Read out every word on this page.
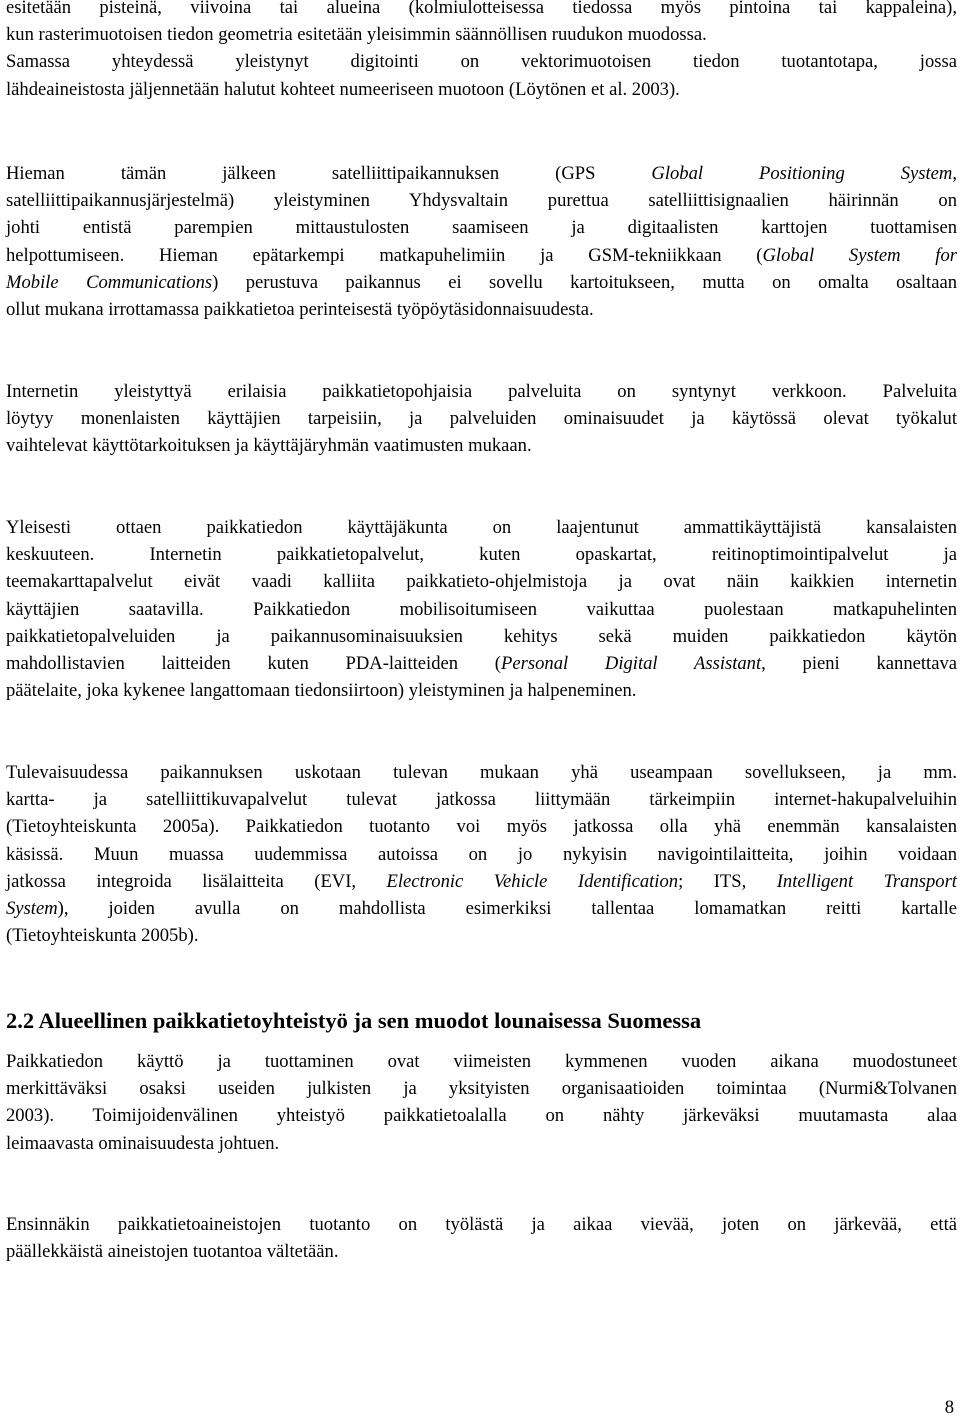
esitetään pisteinä, viivoina tai alueina (kolmiulotteisessa tiedossa myös pintoina tai kappaleina),
kun rasterimuotoisen tiedon geometria esitetään yleisimmin säännöllisen ruudukon muodossa.
Samassa yhteydessä yleistynyt digitointi on vektorimuotoisen tiedon tuotantotapa, jossa
lähdeaineistosta jäljennetään halutut kohteet numeeriseen muotoon (Löytönen et al. 2003).
Hieman tämän jälkeen satelliittipaikannuksen (GPS Global Positioning System,
satelliittipaikannusjärjestelmä) yleistyminen Yhdysvaltain purettua satelliittisignaalien häirinnän on
johti entistä parempien mittaustulosten saamiseen ja digitaalisten karttojen tuottamisen
helpottumiseen. Hieman epätarkempi matkapuhelimiin ja GSM-tekniikkaan (Global System for
Mobile Communications) perustuva paikannus ei sovellu kartoitukseen, mutta on omalta osaltaan
ollut mukana irrottamassa paikkatietoa perinteisestä työpöytäsidonnaisuudesta.
Internetin yleistyttyä erilaisia paikkatietopohjaisia palveluita on syntynyt verkkoon. Palveluita
löytyy monenlaisten käyttäjien tarpeisiin, ja palveluiden ominaisuudet ja käytössä olevat työkalut
vaihtelevat käyttötarkoituksen ja käyttäjäryhmän vaatimusten mukaan.
Yleisesti ottaen paikkatiedon käyttäjäkunta on laajentunut ammattikäyttäjistä kansalaisten
keskuuteen. Internetin paikkatietopalvelut, kuten opaskartat, reitinoptimointipalvelut ja
teemakarttapalvelut eivät vaadi kalliita paikkatieto-ohjelmistoja ja ovat näin kaikkien internetin
käyttäjien saatavilla. Paikkatiedon mobilisoitumiseen vaikuttaa puolestaan matkapuhelinten
paikkatietopalveluiden ja paikannusominaisuuksien kehitys sekä muiden paikkatiedon käytön
mahdollistavien laitteiden kuten PDA-laitteiden (Personal Digital Assistant, pieni kannettava
päätelaite, joka kykenee langattomaan tiedonsiirtoon) yleistyminen ja halpeneminen.
Tulevaisuudessa paikannuksen uskotaan tulevan mukaan yhä useampaan sovellukseen, ja mm.
kartta- ja satelliittikuvapalvelut tulevat jatkossa liittymään tärkeimpiin internet-hakupalveluihin
(Tietoyhteiskunta 2005a). Paikkatiedon tuotanto voi myös jatkossa olla yhä enemmän kansalaisten
käsissä. Muun muassa uudemmissa autoissa on jo nykyisin navigointilaitteita, joihin voidaan
jatkossa integroida lisälaitteita (EVI, Electronic Vehicle Identification; ITS, Intelligent Transport
System), joiden avulla on mahdollista esimerkiksi tallentaa lomamatkan reitti kartalle
(Tietoyhteiskunta 2005b).
2.2 Alueellinen paikkatietoyhteistyö ja sen muodot lounaisessa Suomessa
Paikkatiedon käyttö ja tuottaminen ovat viimeisten kymmenen vuoden aikana muodostuneet
merkittäväksi osaksi useiden julkisten ja yksityisten organisaatioiden toimintaa (Nurmi&Tolvanen
2003). Toimijoidenvälinen yhteistyö paikkatietoalalla on nähty järkeväksi muutamasta alaa
leimaavasta ominaisuudesta johtuen.
Ensinnäkin paikkatietoaineistojen tuotanto on työlästä ja aikaa vievää, joten on järkevää, että
päällekkäistä aineistojen tuotantoa vältetään.
8
